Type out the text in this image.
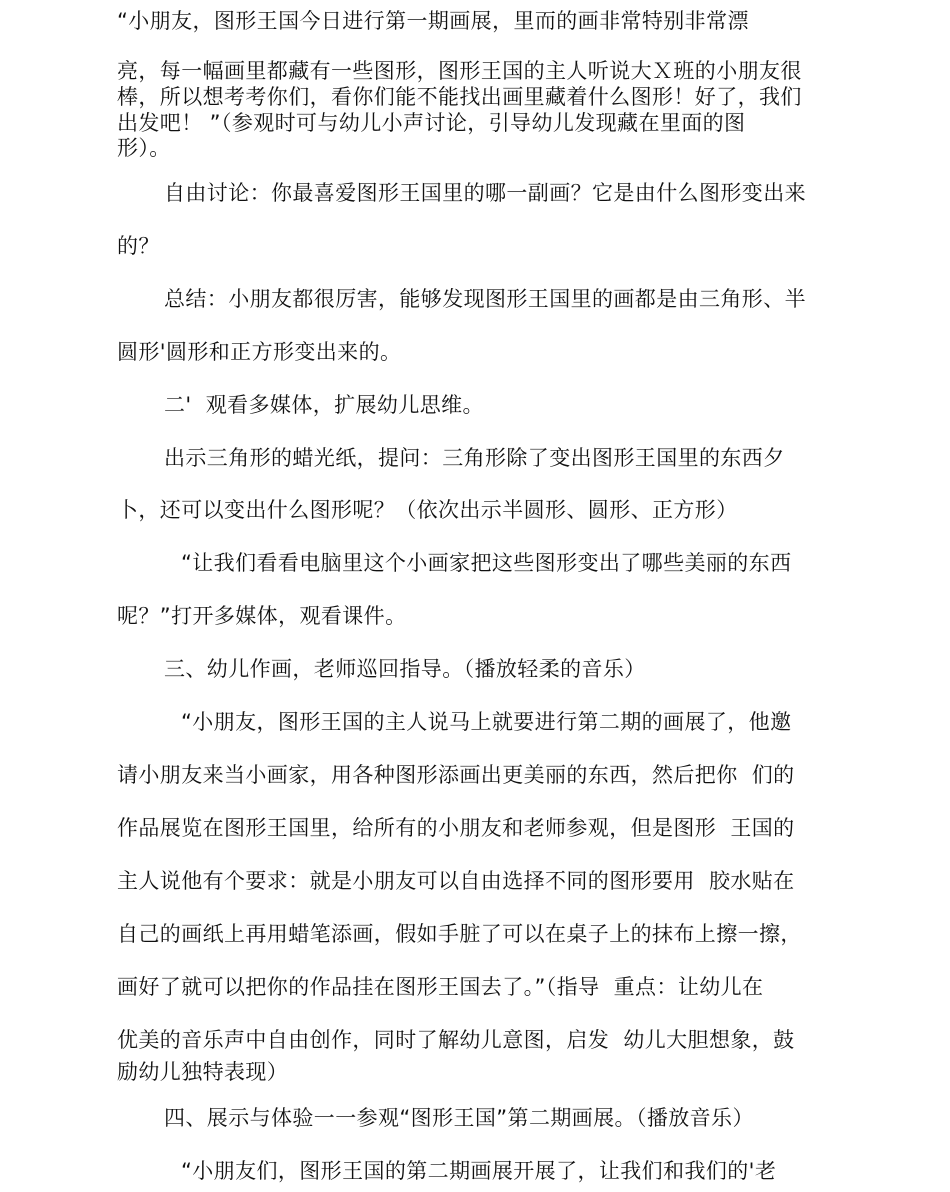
“小朋友，图形王国今日进行第一期画展，里而的画非常特别非常漂
亮，每一幅画里都藏有一些图形，图形王国的主人听说大Ｘ班的小朋友很
棒，所以想考考你们，看你们能不能找出画里藏着什么图形！好了，我们
出发吧！ ”（参观时可与幼儿小声讨论，引导幼儿发现藏在里面的图
形）。
自由讨论：你最喜爱图形王国里的哪一副画？它是由什么图形变出来
的？
总结：小朋友都很厉害，能够发现图形王国里的画都是由三角形、半
圆形'圆形和正方形变出来的。
二'  观看多媒体，扩展幼儿思维。
出示三角形的蜡光纸，提问：三角形除了变出图形王国里的东西夕
卜，还可以变出什么图形呢？（依次出示半圆形、圆形、正方形）
“让我们看看电脑里这个小画家把这些图形变出了哪些美丽的东西
呢？”打开多媒体，观看课件。
三、幼儿作画，老师巡回指导。（播放轻柔的音乐）
“小朋友，图形王国的主人说马上就要进行第二期的画展了，他邀
请小朋友来当小画家，用各种图形添画出更美丽的东西，然后把你  们的
作品展览在图形王国里，给所有的小朋友和老师参观，但是图形  王国的
主人说他有个要求：就是小朋友可以自由选择不同的图形要用  胶水贴在
自己的画纸上再用蜡笔添画，假如手脏了可以在桌子上的抹布上擦一擦，
画好了就可以把你的作品挂在图形王国去了。”（指导  重点：让幼儿在
优美的音乐声中自由创作，同时了解幼儿意图，启发  幼儿大胆想象，鼓
励幼儿独特表现）
四、展示与体验一一参观“图形王国”第二期画展。（播放音乐）
“小朋友们，图形王国的第二期画展开展了，让我们和我们的'老
